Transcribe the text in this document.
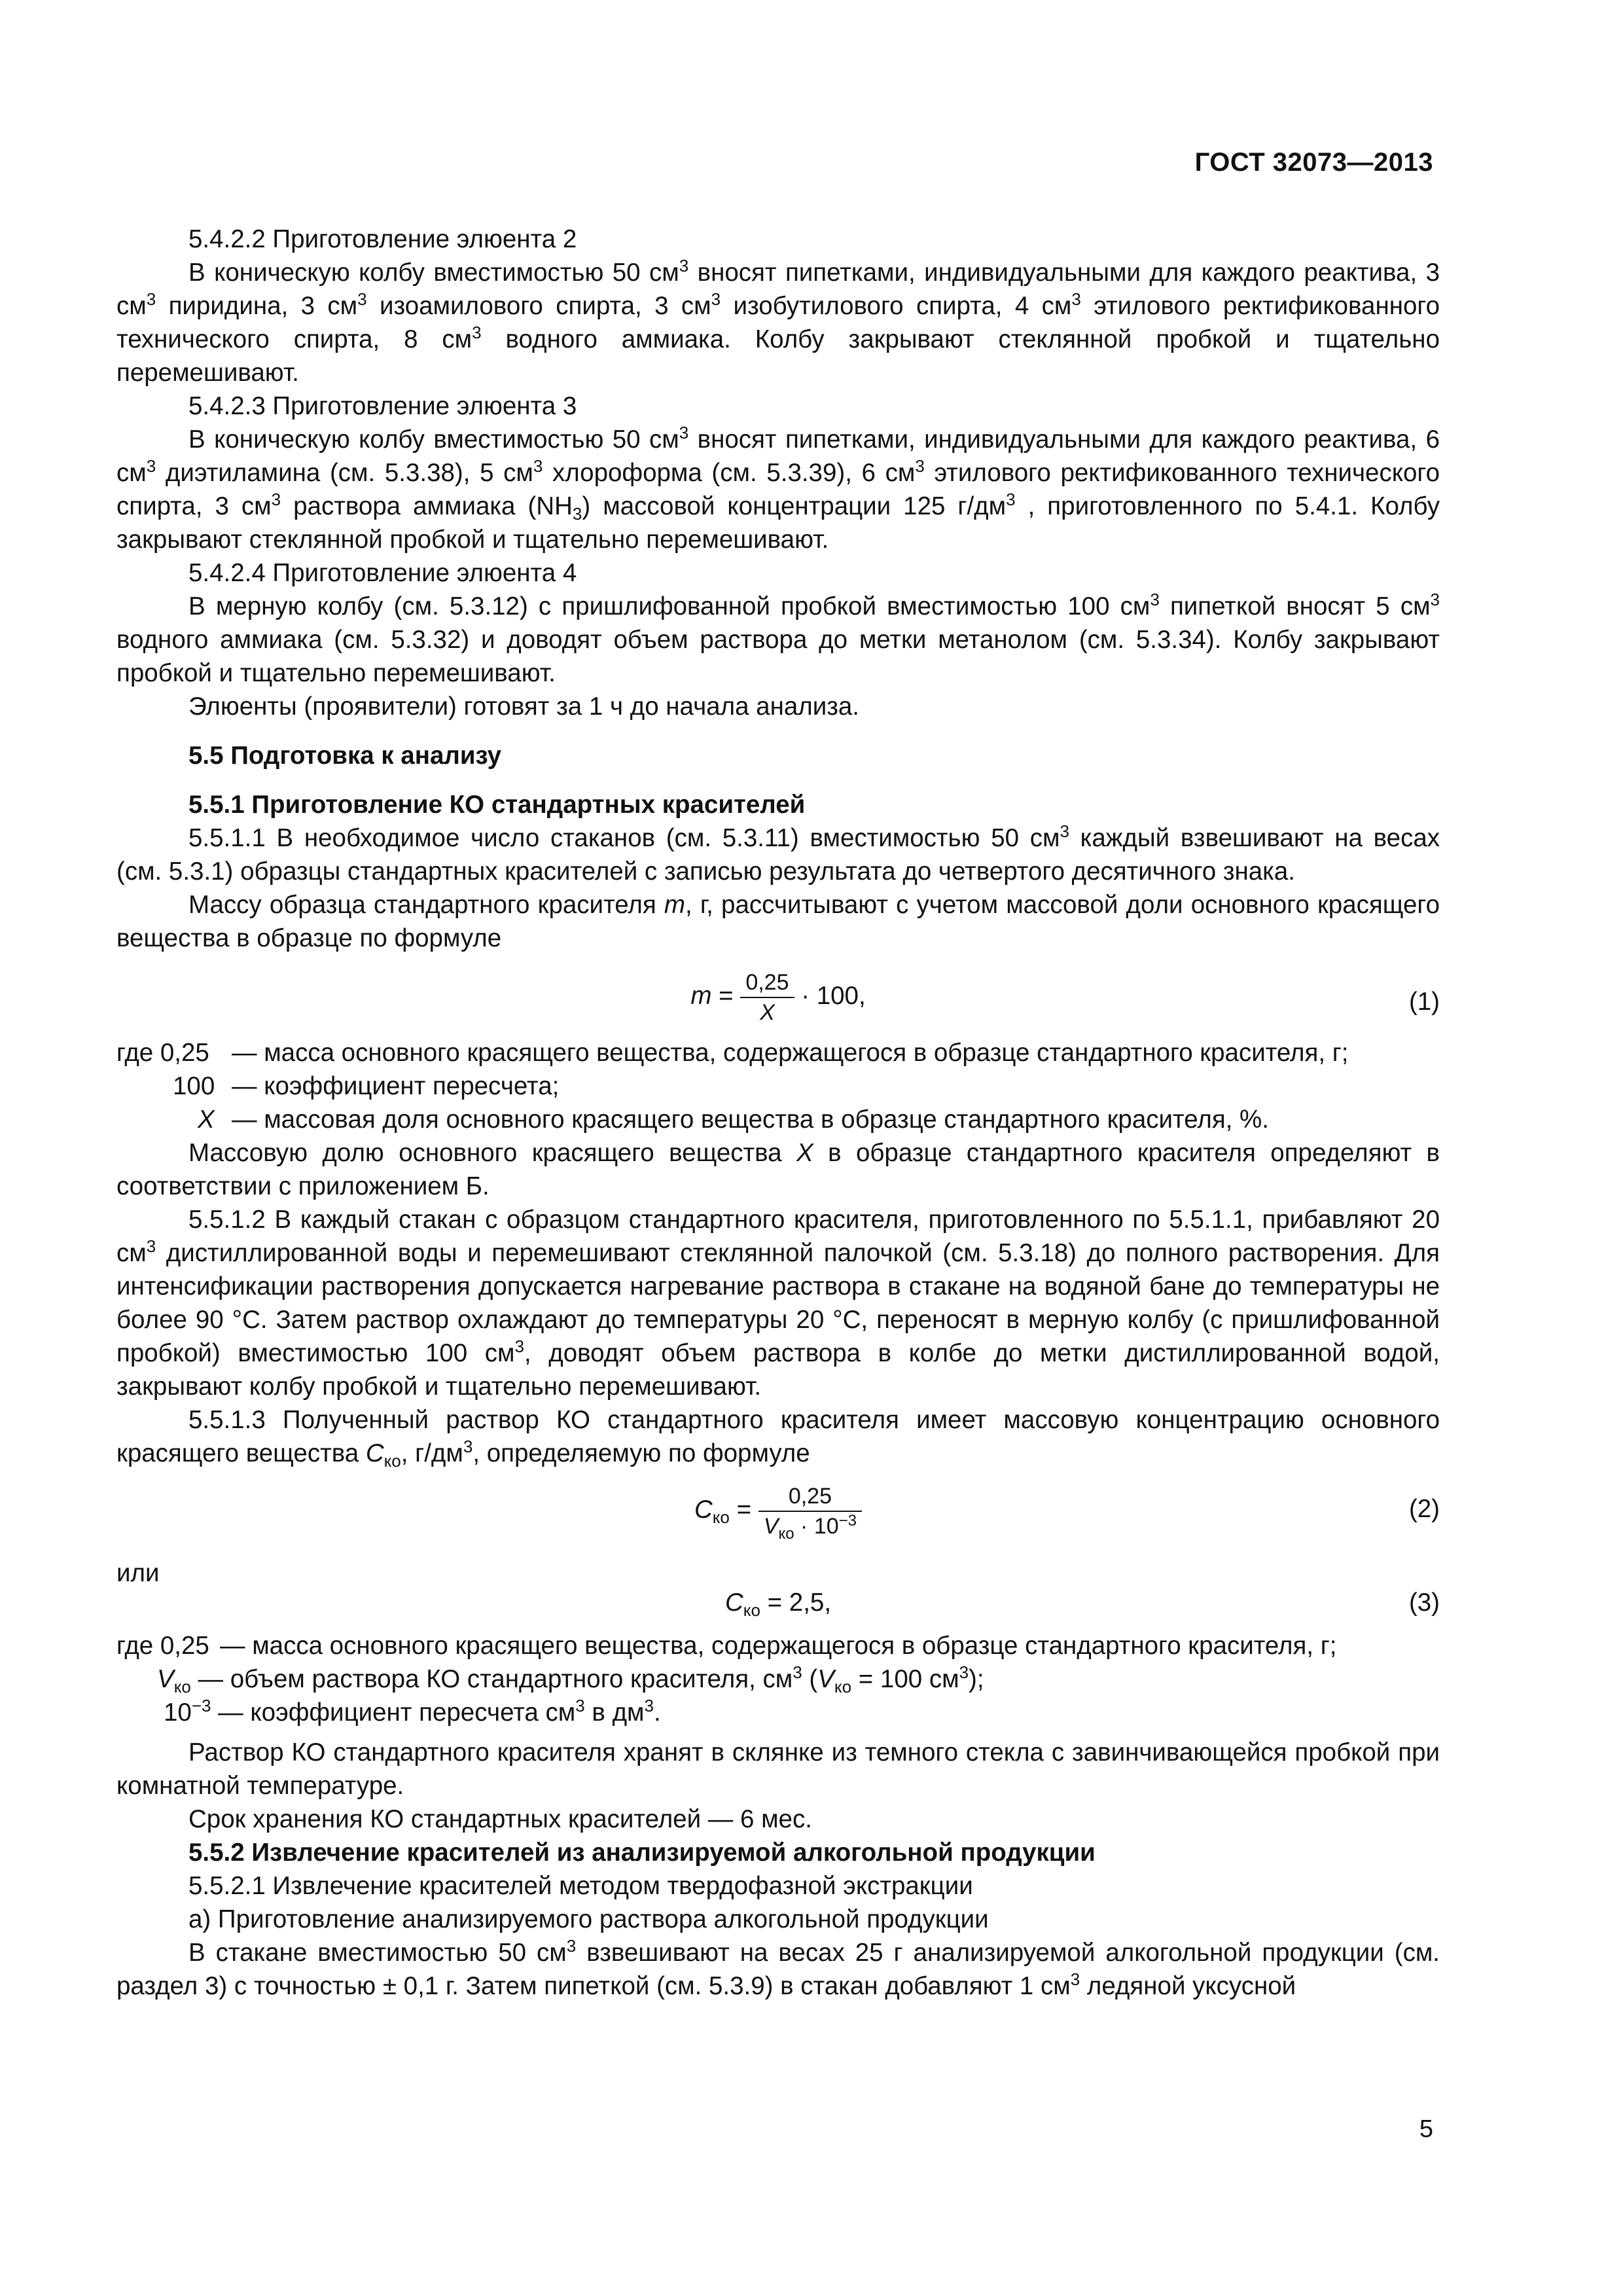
ГОСТ 32073—2013

5.4.2.2 Приготовление элюента 2

В коническую колбу вместимостью 50 $см^3$ вносят пипетками, индивидуальными для каждого реактива, 3 $см^3$ пиридина, 3 $см^3$ изоамилового спирта, 3 $см^3$ изобутилового спирта, 4 $см^3$ этилового ректификованного технического спирта, 8 $см^3$ водного аммиака. Колбу закрывают стеклянной пробкой и тщательно перемешивают.

5.4.2.3 Приготовление элюента 3

В коническую колбу вместимостью 50 $см^3$ вносят пипетками, индивидуальными для каждого реактива, 6 $см^3$ диэтиламина (см. 5.3.38), 5 $см^3$ хлороформа (см. 5.3.39), 6 $см^3$ этилового ректификованного технического спирта, 3 $см^3$ раствора аммиака $(NH_3)$ массовой концентрации 125 $г/дм^3$ , приготовленного по 5.4.1. Колбу закрывают стеклянной пробкой и тщательно перемешивают.

5.4.2.4 Приготовление элюента 4

В мерную колбу (см. 5.3.12) с пришлифованной пробкой вместимостью 100 $см^3$ пипеткой вносят 5 $см^3$ водного аммиака (см. 5.3.32) и доводят объем раствора до метки метанолом (см. 5.3.34). Колбу закрывают пробкой и тщательно перемешивают.

Элюенты (проявители) готовят за 1 ч до начала анализа.

5.5 Подготовка к анализу

5.5.1 Приготовление КО стандартных красителей

5.5.1.1 В необходимое число стаканов (см. 5.3.11) вместимостью 50 $см^3$ каждый взвешивают на весах (см. 5.3.1) образцы стандартных красителей с записью результата до четвертого десятичного знака.

Массу образца стандартного красителя m, г, рассчитывают с учетом массовой доли основного красящего вещества в образце по формуле

$m = \frac{0,25}{X} \cdot 100$,	(1)
где 0,25 — масса основного красящего вещества, содержащегося в образце стандартного красителя, г;
100 — коэффициент пересчета;
X — массовая доля основного красящего вещества в образце стандартного красителя, %.

Массовую долю основного красящего вещества X в образце стандартного красителя определяют в соответствии с приложением Б.

5.5.1.2 В каждый стакан с образцом стандартного красителя, приготовленного по 5.5.1.1, прибавляют 20 $см^3$ дистиллированной воды и перемешивают стеклянной палочкой (см. 5.3.18) до полного растворения. Для интенсификации растворения допускается нагревание раствора в стакане на водяной бане до температуры не более 90 °С. Затем раствор охлаждают до температуры 20 °С, переносят в мерную колбу (с пришлифованной пробкой) вместимостью 100 $см^3$, доводят объем раствора в колбе до метки дистиллированной водой, закрывают колбу пробкой и тщательно перемешивают.

5.5.1.3 Полученный раствор КО стандартного красителя имеет массовую концентрацию основного красящего вещества $С_{ко}$, $г/дм^3$, определяемую по формуле

$С_{ко} = \frac{0,25}{V_{ко} \cdot 10^{-3}}$	(2)

или

$С_{ко} = 2,5$,	(3)
где 0,25 — масса основного красящего вещества, содержащегося в образце стандартного красителя, г;
$V_{ко}$ — объем раствора КО стандартного красителя, $см^3$ ($V_{ко} = 100$ $см^3$);
$10^{-3}$ — коэффициент пересчета $см^3$ в $дм^3$.

Раствор КО стандартного красителя хранят в склянке из темного стекла с завинчивающейся пробкой при комнатной температуре.

Срок хранения КО стандартных красителей — 6 мес.

5.5.2 Извлечение красителей из анализируемой алкогольной продукции

5.5.2.1 Извлечение красителей методом твердофазной экстракции

а) Приготовление анализируемого раствора алкогольной продукции

В стакане вместимостью 50 $см^3$ взвешивают на весах 25 г анализируемой алкогольной продукции (см. раздел 3) с точностью ± 0,1 г. Затем пипеткой (см. 5.3.9) в стакан добавляют 1 $см^3$ ледяной уксусной

5
